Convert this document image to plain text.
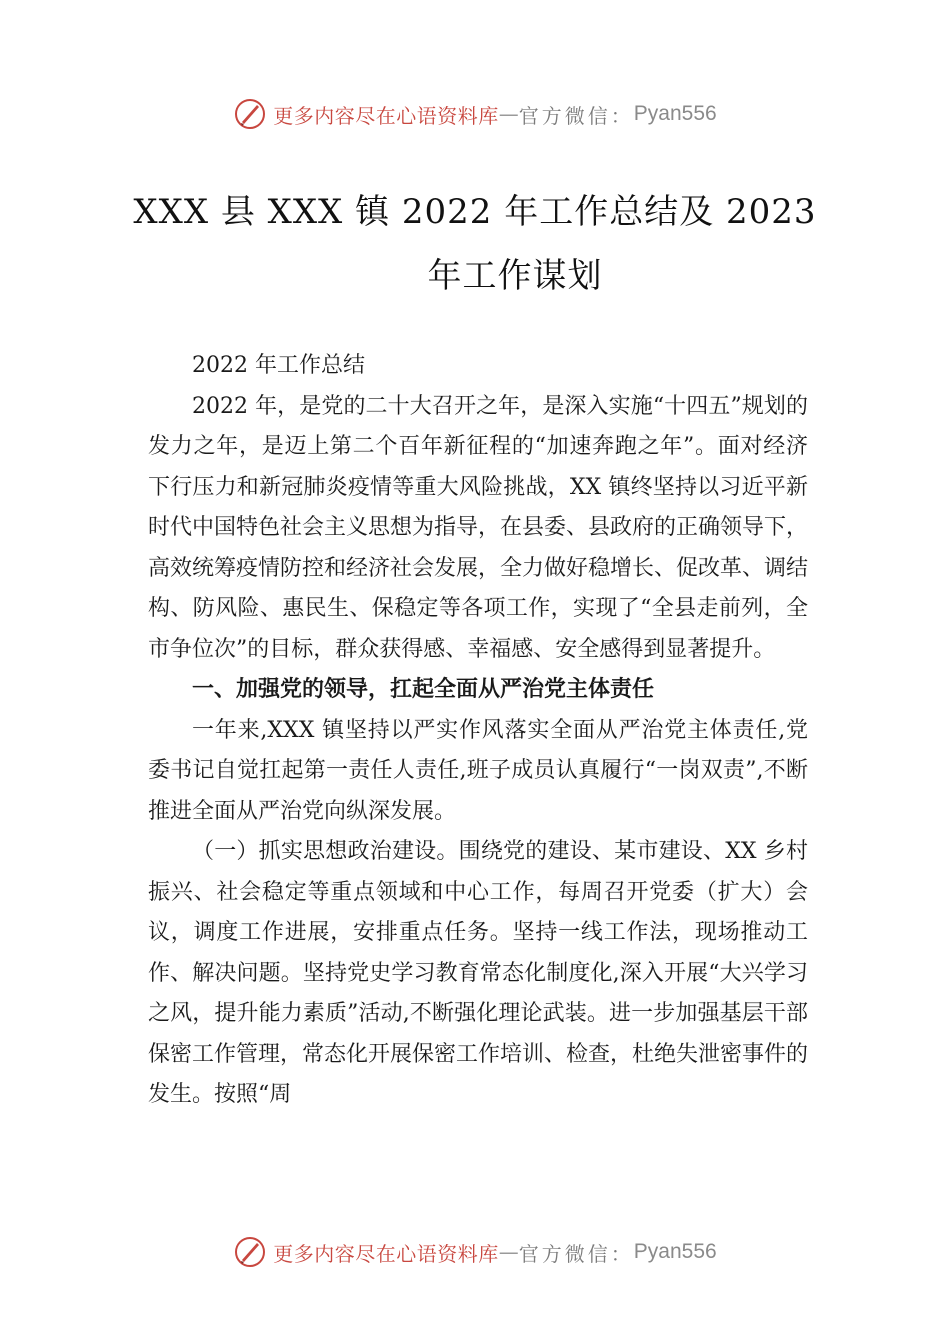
更多内容尽在心语资料库 — 官方微信： Pyan556
XXX 县 XXX 镇 2022 年工作总结及 2023
年工作谋划

2022 年工作总结

2022 年，是党的二十大召开之年，是深入实施“十四五”规划的发力之年，是迈上第二个百年新征程的“加速奔跑之年”。面对经济下行压力和新冠肺炎疫情等重大风险挑战，XX 镇终坚持以习近平新时代中国特色社会主义思想为指导，在县委、县政府的正确领导下，高效统筹疫情防控和经济社会发展，全力做好稳增长、促改革、调结构、防风险、惠民生、保稳定等各项工作，实现了“全县走前列，全市争位次”的目标，群众获得感、幸福感、安全感得到显著提升。

一、加强党的领导，扛起全面从严治党主体责任

一年来,XXX 镇坚持以严实作风落实全面从严治党主体责任,党委书记自觉扛起第一责任人责任,班子成员认真履行“一岗双责”,不断推进全面从严治党向纵深发展。

（一）抓实思想政治建设。围绕党的建设、某市建设、XX 乡村振兴、社会稳定等重点领域和中心工作，每周召开党委（扩大）会议，调度工作进展，安排重点任务。坚持一线工作法，现场推动工作、解决问题。坚持党史学习教育常态化制度化,深入开展“大兴学习之风，提升能力素质”活动,不断强化理论武装。进一步加强基层干部保密工作管理，常态化开展保密工作培训、检查，杜绝失泄密事件的发生。按照“周

更多内容尽在心语资料库 — 官方微信： Pyan556
